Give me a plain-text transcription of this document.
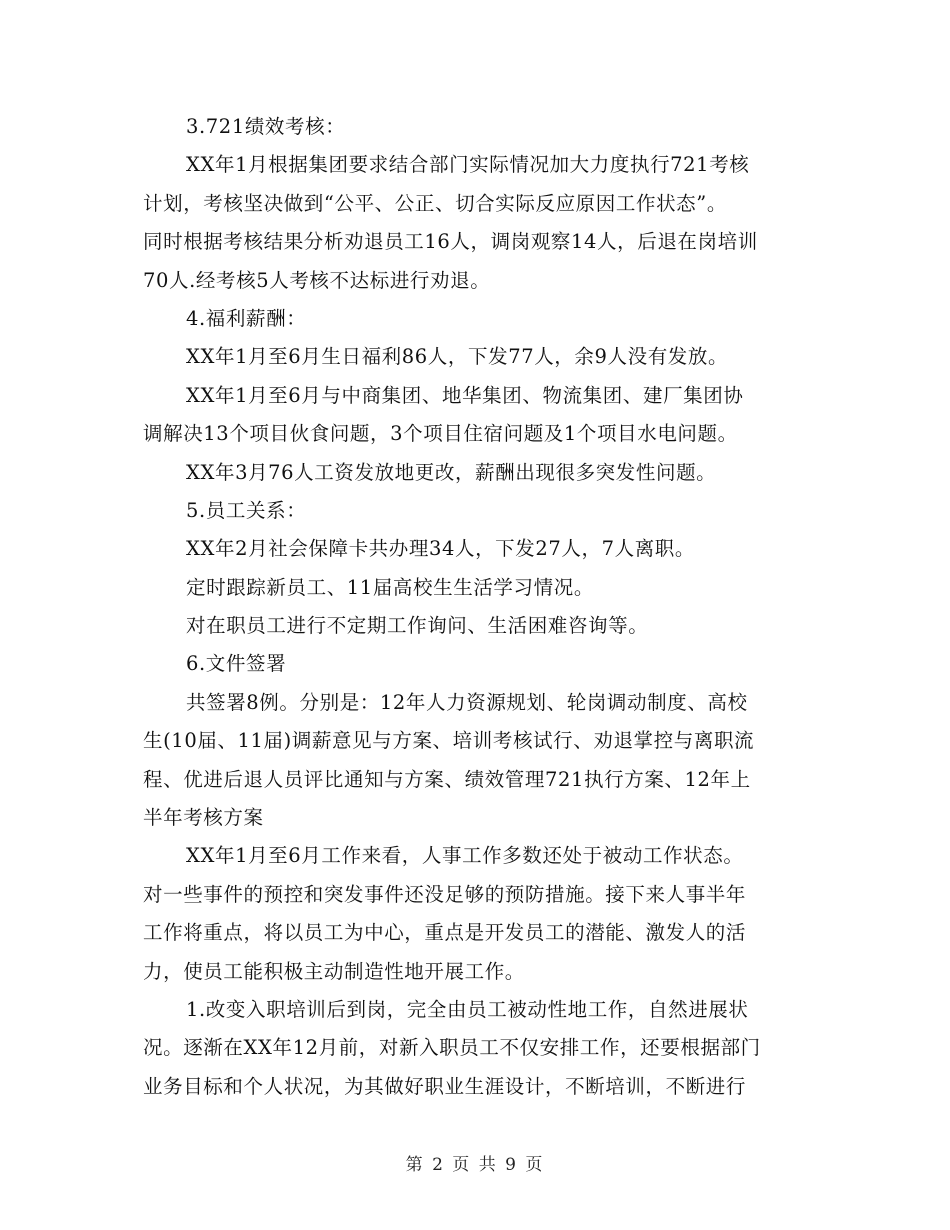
3.721绩效考核：
XX年1月根据集团要求结合部门实际情况加大力度执行721考核
计划，考核坚决做到“公平、公正、切合实际反应原因工作状态”。
同时根据考核结果分析劝退员工16人，调岗观察14人，后退在岗培训
70人.经考核5人考核不达标进行劝退。
4.福利薪酬：
XX年1月至6月生日福利86人，下发77人，余9人没有发放。
XX年1月至6月与中商集团、地华集团、物流集团、建厂集团协
调解决13个项目伙食问题，3个项目住宿问题及1个项目水电问题。
XX年3月76人工资发放地更改，薪酬出现很多突发性问题。
5.员工关系：
XX年2月社会保障卡共办理34人，下发27人，7人离职。
定时跟踪新员工、11届高校生生活学习情况。
对在职员工进行不定期工作询问、生活困难咨询等。
6.文件签署
共签署8例。分别是：12年人力资源规划、轮岗调动制度、高校
生(10届、11届)调薪意见与方案、培训考核试行、劝退掌控与离职流
程、优进后退人员评比通知与方案、绩效管理721执行方案、12年上
半年考核方案
XX年1月至6月工作来看，人事工作多数还处于被动工作状态。
对一些事件的预控和突发事件还没足够的预防措施。接下来人事半年
工作将重点，将以员工为中心，重点是开发员工的潜能、激发人的活
力，使员工能积极主动制造性地开展工作。
1.改变入职培训后到岗，完全由员工被动性地工作，自然进展状
况。逐渐在XX年12月前，对新入职员工不仅安排工作，还要根据部门
业务目标和个人状况，为其做好职业生涯设计，不断培训，不断进行
第 2 页 共 9 页
